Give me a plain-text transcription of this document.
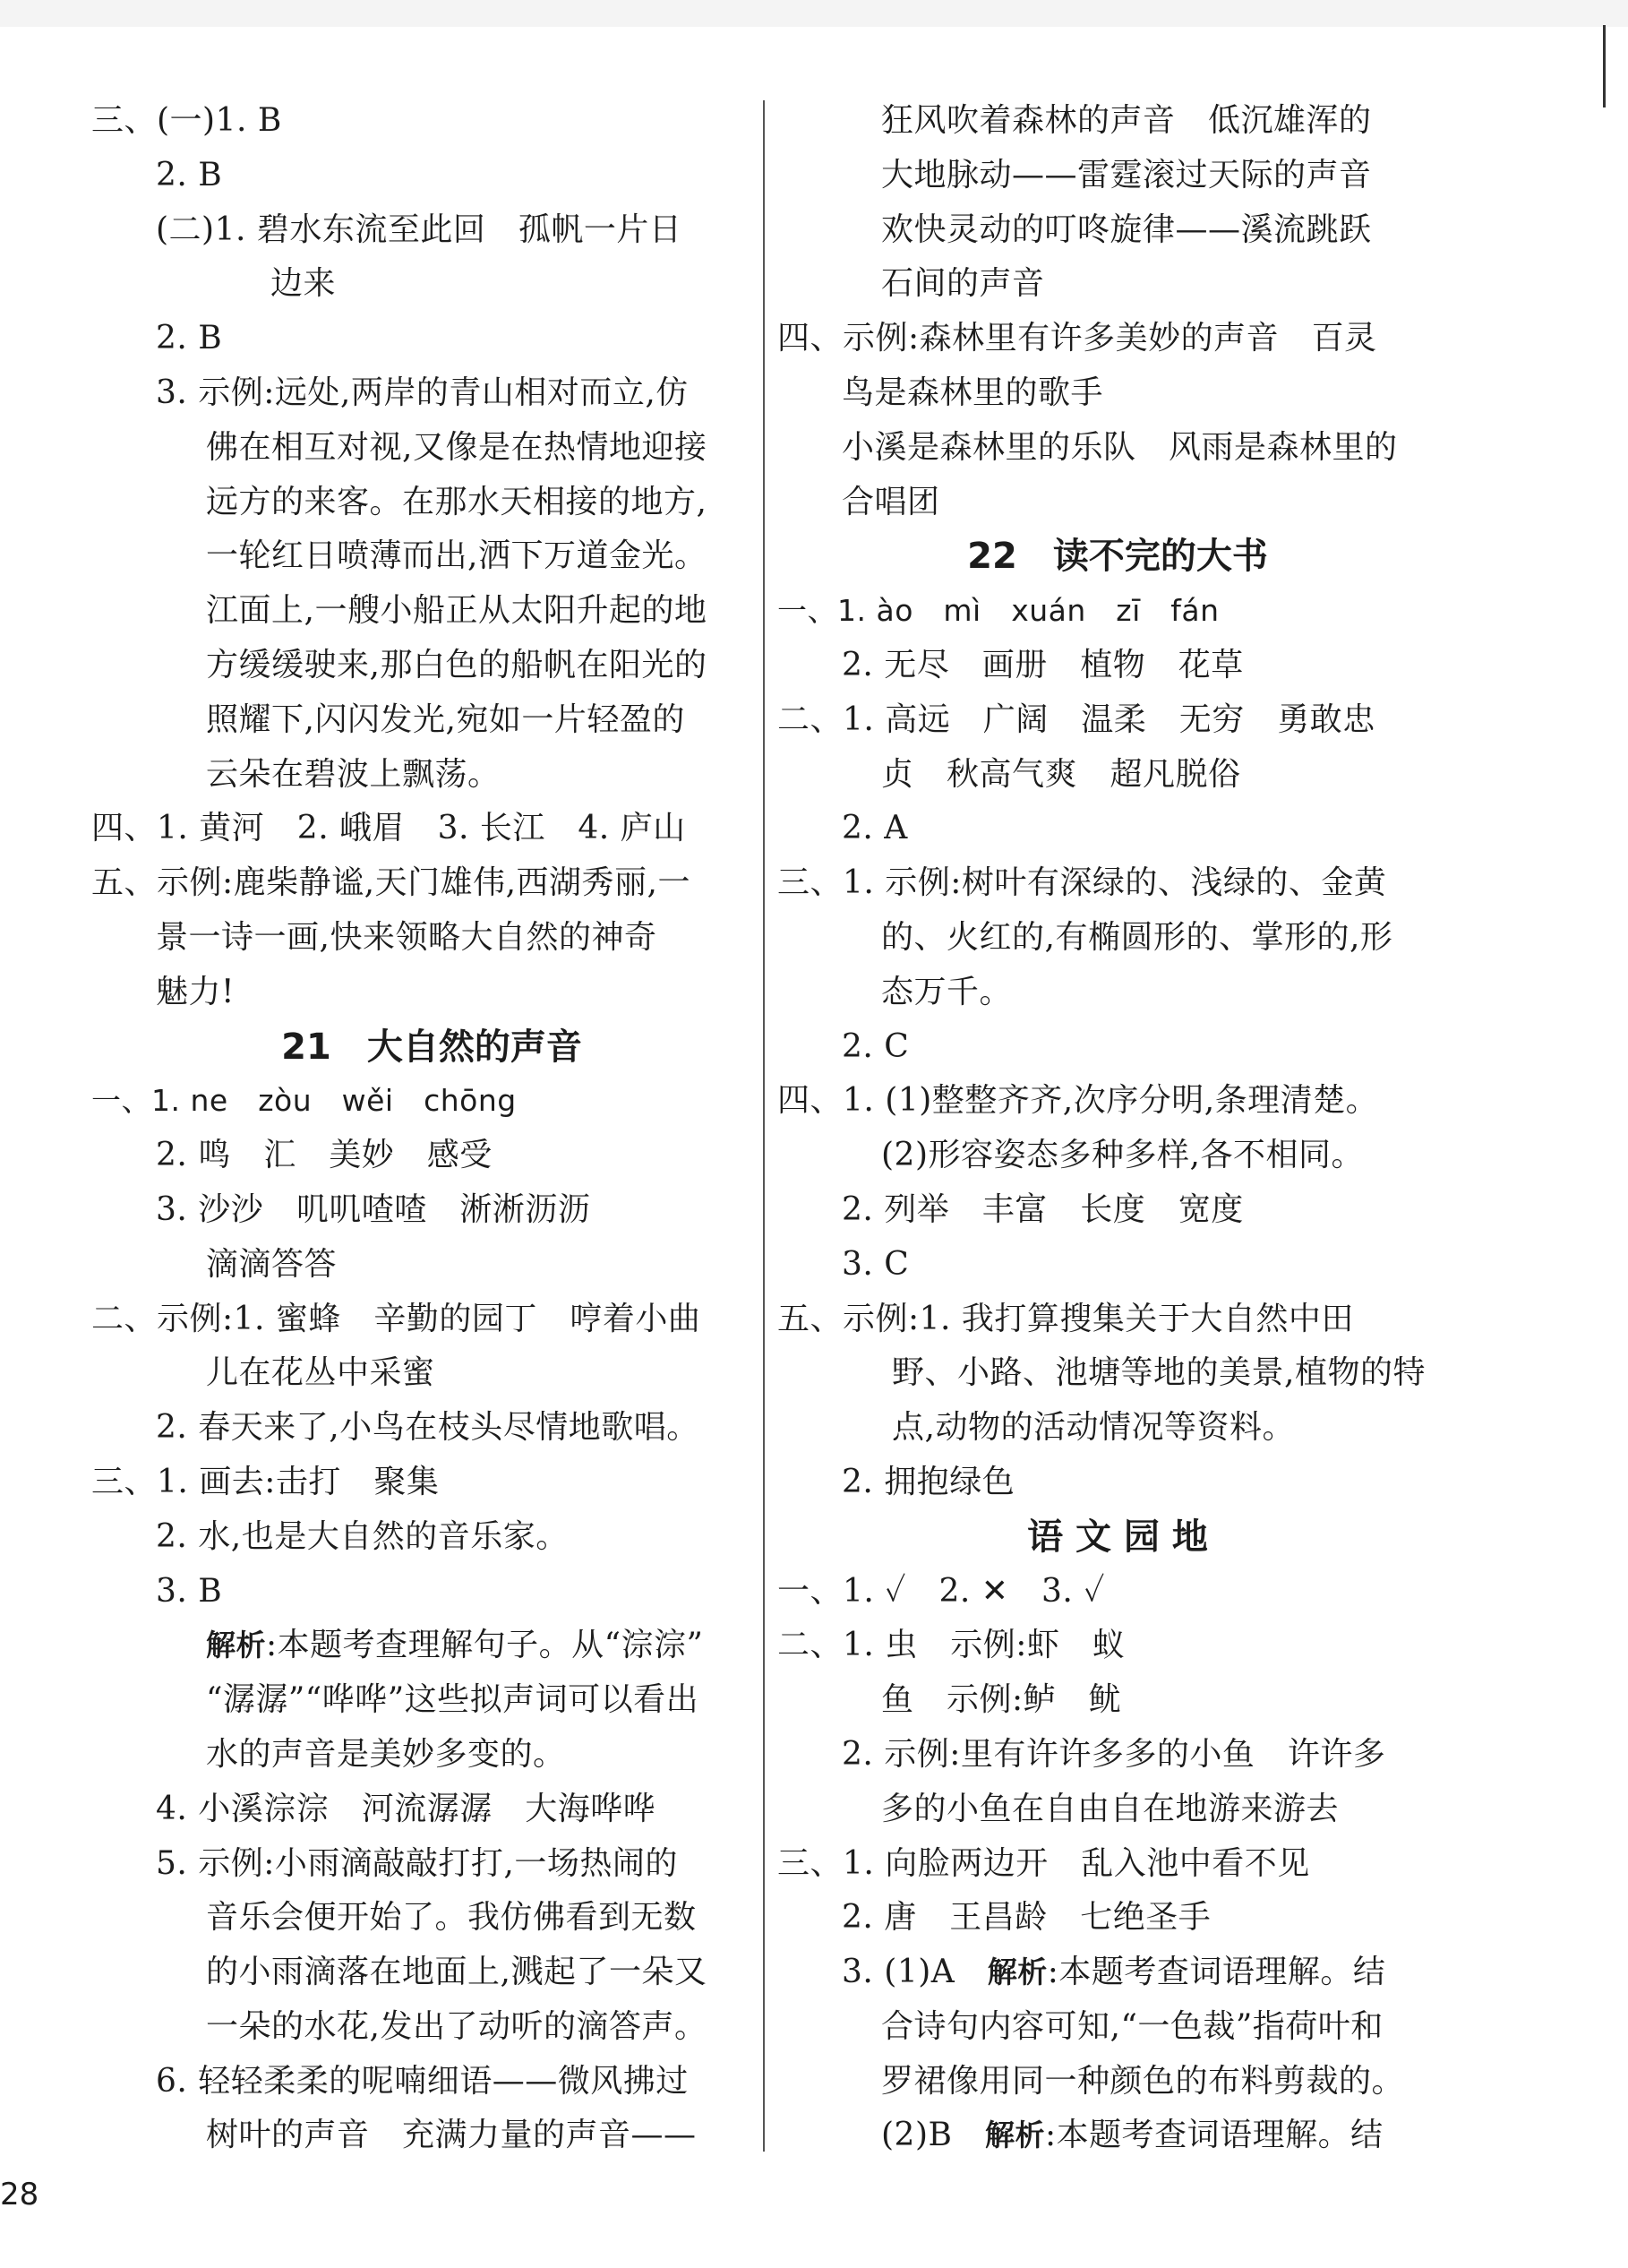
三、(一)1. B
2. B
(二)1. 碧水东流至此回　孤帆一片日
边来
2. B
3. 示例:远处,两岸的青山相对而立,仿
佛在相互对视,又像是在热情地迎接
远方的来客。在那水天相接的地方,
一轮红日喷薄而出,洒下万道金光。
江面上,一艘小船正从太阳升起的地
方缓缓驶来,那白色的船帆在阳光的
照耀下,闪闪发光,宛如一片轻盈的
云朵在碧波上飘荡。
四、1. 黄河　2. 峨眉　3. 长江　4. 庐山
五、示例:鹿柴静谧,天门雄伟,西湖秀丽,一
景一诗一画,快来领略大自然的神奇
魅力!
21　大自然的声音
一、1. ne　zòu　wěi　chōng
2. 鸣　汇　美妙　感受
3. 沙沙　叽叽喳喳　淅淅沥沥
滴滴答答
二、示例:1. 蜜蜂　辛勤的园丁　哼着小曲
儿在花丛中采蜜
2. 春天来了,小鸟在枝头尽情地歌唱。
三、1. 画去:击打　聚集
2. 水,也是大自然的音乐家。
3. B
解析:本题考查理解句子。从“淙淙”
“潺潺”“哗哗”这些拟声词可以看出
水的声音是美妙多变的。
4. 小溪淙淙　河流潺潺　大海哗哗
5. 示例:小雨滴敲敲打打,一场热闹的
音乐会便开始了。我仿佛看到无数
的小雨滴落在地面上,溅起了一朵又
一朵的水花,发出了动听的滴答声。
6. 轻轻柔柔的呢喃细语——微风拂过
树叶的声音　充满力量的声音——
狂风吹着森林的声音　低沉雄浑的
大地脉动——雷霆滚过天际的声音
欢快灵动的叮咚旋律——溪流跳跃
石间的声音
四、示例:森林里有许多美妙的声音　百灵
鸟是森林里的歌手
小溪是森林里的乐队　风雨是森林里的
合唱团
22　读不完的大书
一、1. ào　mì　xuán　zī　fán
2. 无尽　画册　植物　花草
二、1. 高远　广阔　温柔　无穷　勇敢忠
贞　秋高气爽　超凡脱俗
2. A
三、1. 示例:树叶有深绿的、浅绿的、金黄
的、火红的,有椭圆形的、掌形的,形
态万千。
2. C
四、1. (1)整整齐齐,次序分明,条理清楚。
(2)形容姿态多种多样,各不相同。
2. 列举　丰富　长度　宽度
3. C
五、示例:1. 我打算搜集关于大自然中田
野、小路、池塘等地的美景,植物的特
点,动物的活动情况等资料。
2. 拥抱绿色
语 文 园 地
一、1. ✓　2. ✕　3. ✓
二、1. 虫　示例:虾　蚁
鱼　示例:鲈　鱿
2. 示例:里有许许多多的小鱼　许许多
多的小鱼在自由自在地游来游去
三、1. 向脸两边开　乱入池中看不见
2. 唐　王昌龄　七绝圣手
3. (1)A　解析:本题考查词语理解。结
合诗句内容可知,“一色裁”指荷叶和
罗裙像用同一种颜色的布料剪裁的。
(2)B　解析:本题考查词语理解。结
28
